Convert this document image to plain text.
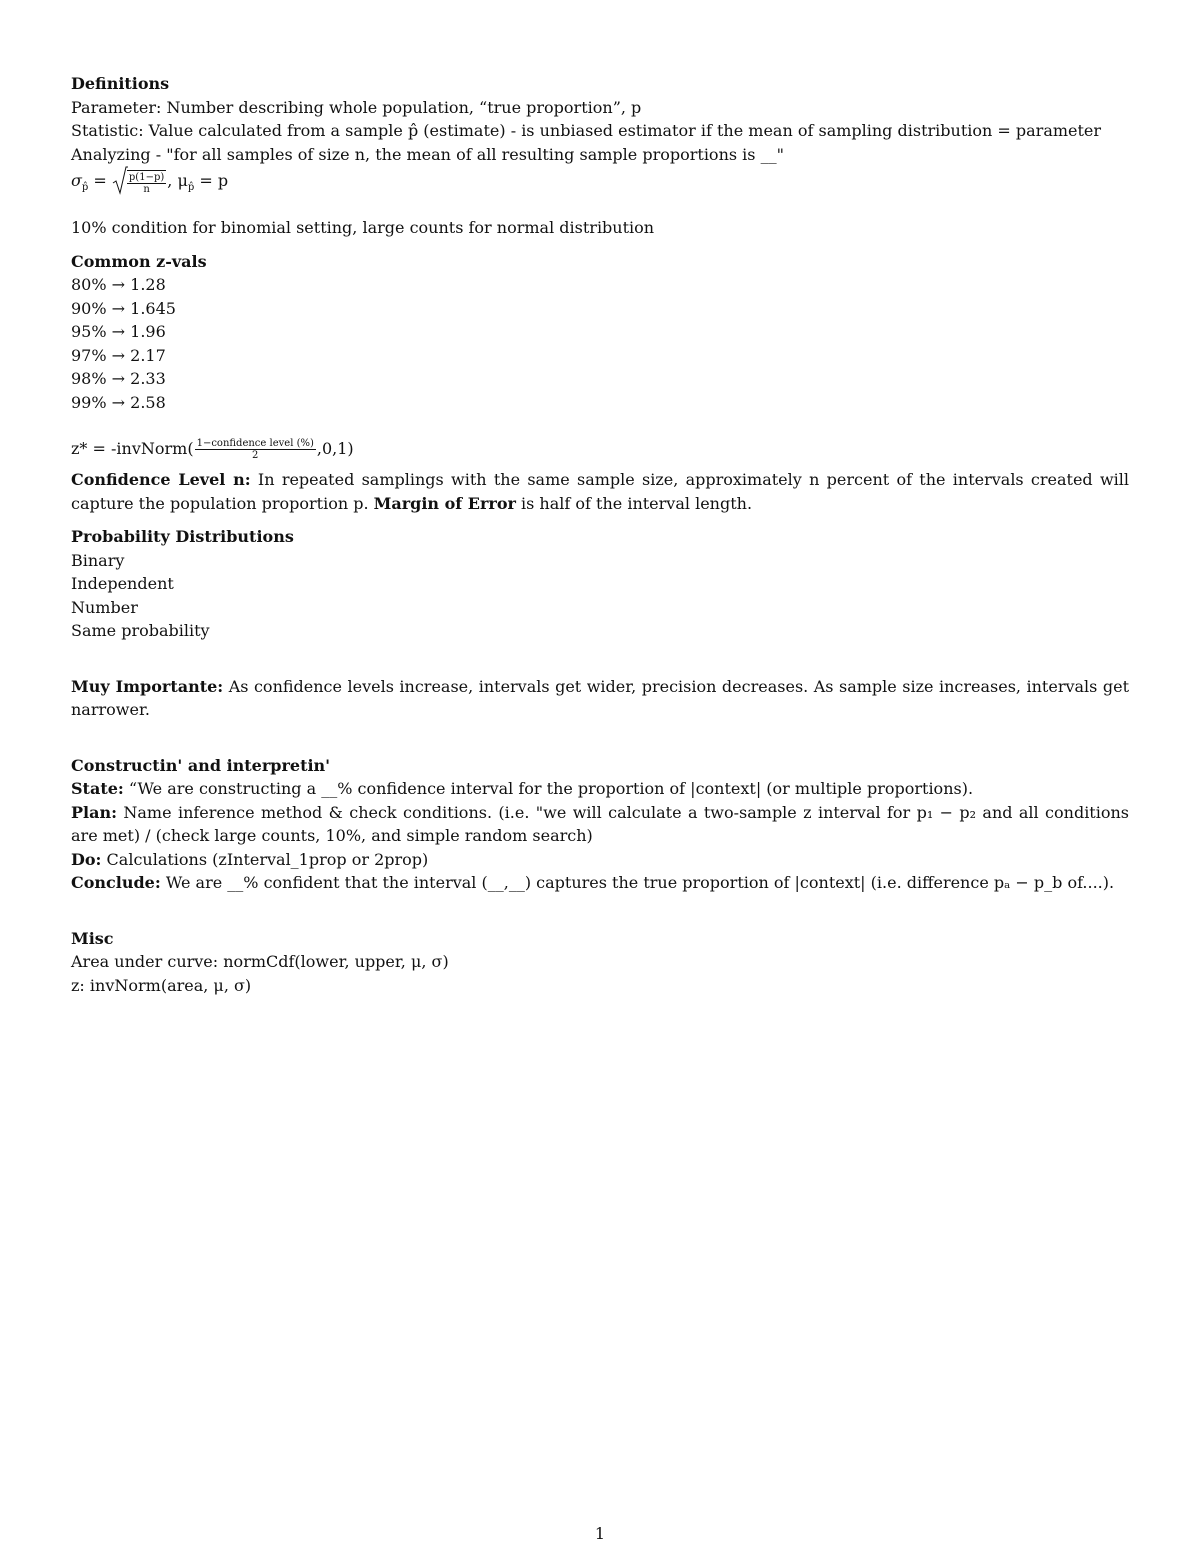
Definitions
Parameter: Number describing whole population, “true proportion”, p
Statistic: Value calculated from a sample p̂ (estimate) - is unbiased estimator if the mean of sampling distribution = parameter
Analyzing - "for all samples of size n, the mean of all resulting sample proportions is __"
$\sigma_{p̂} = \frac{p(1-p)}{n}$ , $\mu_{p̂} = p$
10% condition for binomial setting, large counts for normal distribution
Common z-vals
80% → 1.28
90% → 1.645
95% → 1.96
97% → 2.17
98% → 2.33
99% → 2.58
z* = -invNorm( $\frac{\text{1−confidence level (\%)}}{2} ,0,1$)
Confidence Level n: In repeated samplings with the same sample size, approximately n percent of the intervals created will capture the population proportion p. Margin of Error is half of the interval length.
Probability Distributions
Binary
Independent
Number
Same probability
Muy Importante: As confidence levels increase, intervals get wider, precision decreases. As sample size increases, intervals get narrower.
Constructin' and interpretin'
State: “We are constructing a __% confidence interval for the proportion of |context| (or multiple proportions).
Plan: Name inference method & check conditions. (i.e. "we will calculate a two-sample z interval for p₁ − p₂ and all conditions are met) / (check large counts, 10%, and simple random search)
Do: Calculations (zInterval_1prop or 2prop)
Conclude: We are __% confident that the interval (__,__) captures the true proportion of |context| (i.e. difference pₐ − p_b of....).
Misc
Area under curve: normCdf(lower, upper, μ, σ)
z: invNorm(area, μ, σ)
1
